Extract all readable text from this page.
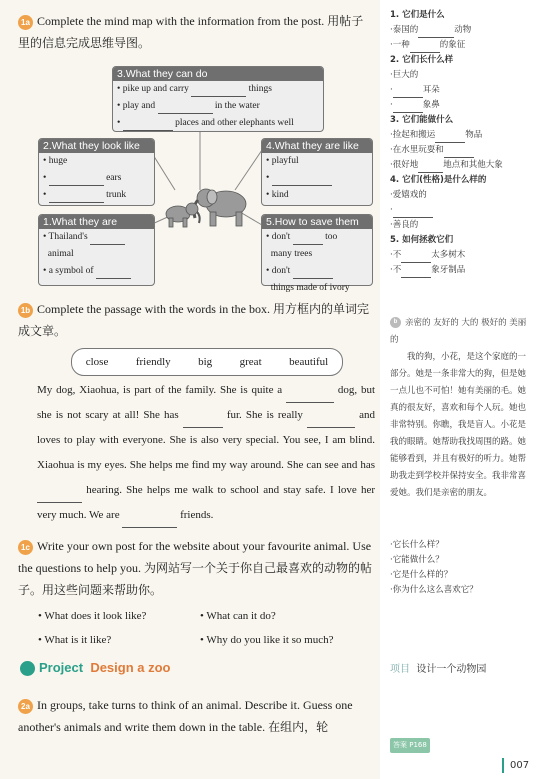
1a Complete the mind map with the information from the post. 用帖子里的信息完成思维导图。
3.What they can do
• pike up and carry	things
• play and	in the water
•	places and other elephants well
2.What they look like
• huge
•	ears
•	trunk
1.What they are
• Thailand's
animal
• a symbol of
4.What they are like
• playful
•
• kind
5.How to save them
• don't	too
many trees
• don't
things made of ivory
1b Complete the passage with the words in the box. 用方框内的单词完成文章。
close friendly big great beautiful
My dog, Xiaohua, is part of the family. She is quite a	dog, but she is not scary at all! She has	fur. She is really	and loves to play with everyone. She is also very special. You see, I am blind. Xiaohua is my eyes. She helps me find my way around. She can see and has  hearing. She helps me walk to school and stay safe. I love her very much. We are	friends.
1c Write your own post for the website about your favourite animal. Use the questions to help you. 为网站写一个关于你自己最喜欢的动物的帖子。用这些问题来帮助你。
• What does it look like?	• What can it do?
• What is it like?	• Why do you like it so much?
Project Design a zoo
2a In groups, take turns to think of an animal. Describe it. Guess one another's animals and write them down in the table. 在组内，轮
1. 它们是什么
·泰国的	动物
·一种	的象征
2. 它们长什么样
·巨大的
·	耳朵
·	象鼻
3. 它们能做什么
·捡起和搬运	物品
·在水里玩耍和
·很好地	地点和其他大象
4. 它们(性格)是什么样的
·爱嬉戏的
·
·善良的
5. 如何拯救它们
·不	太多树木
·不	象牙制品
b 亲密的 友好的 大的 极好的 美丽的
我的狗，小花，是这个家庭的一部分。她是一条非常大的狗，但是她一点儿也不可怕！她有美丽的毛。她真的很友好，喜欢和每个人玩。她也非常特别。你瞧，我是盲人。小花是我的眼睛。她帮助我找周围的路。她能够看到，并且有极好的听力。她帮助我走到学校并保持安全。我非常喜爱她。我们是亲密的朋友。
·它长什么样？
·它能做什么？
·它是什么样的？
·你为什么这么喜欢它？
项目 设计一个动物园
答案 P168
007
